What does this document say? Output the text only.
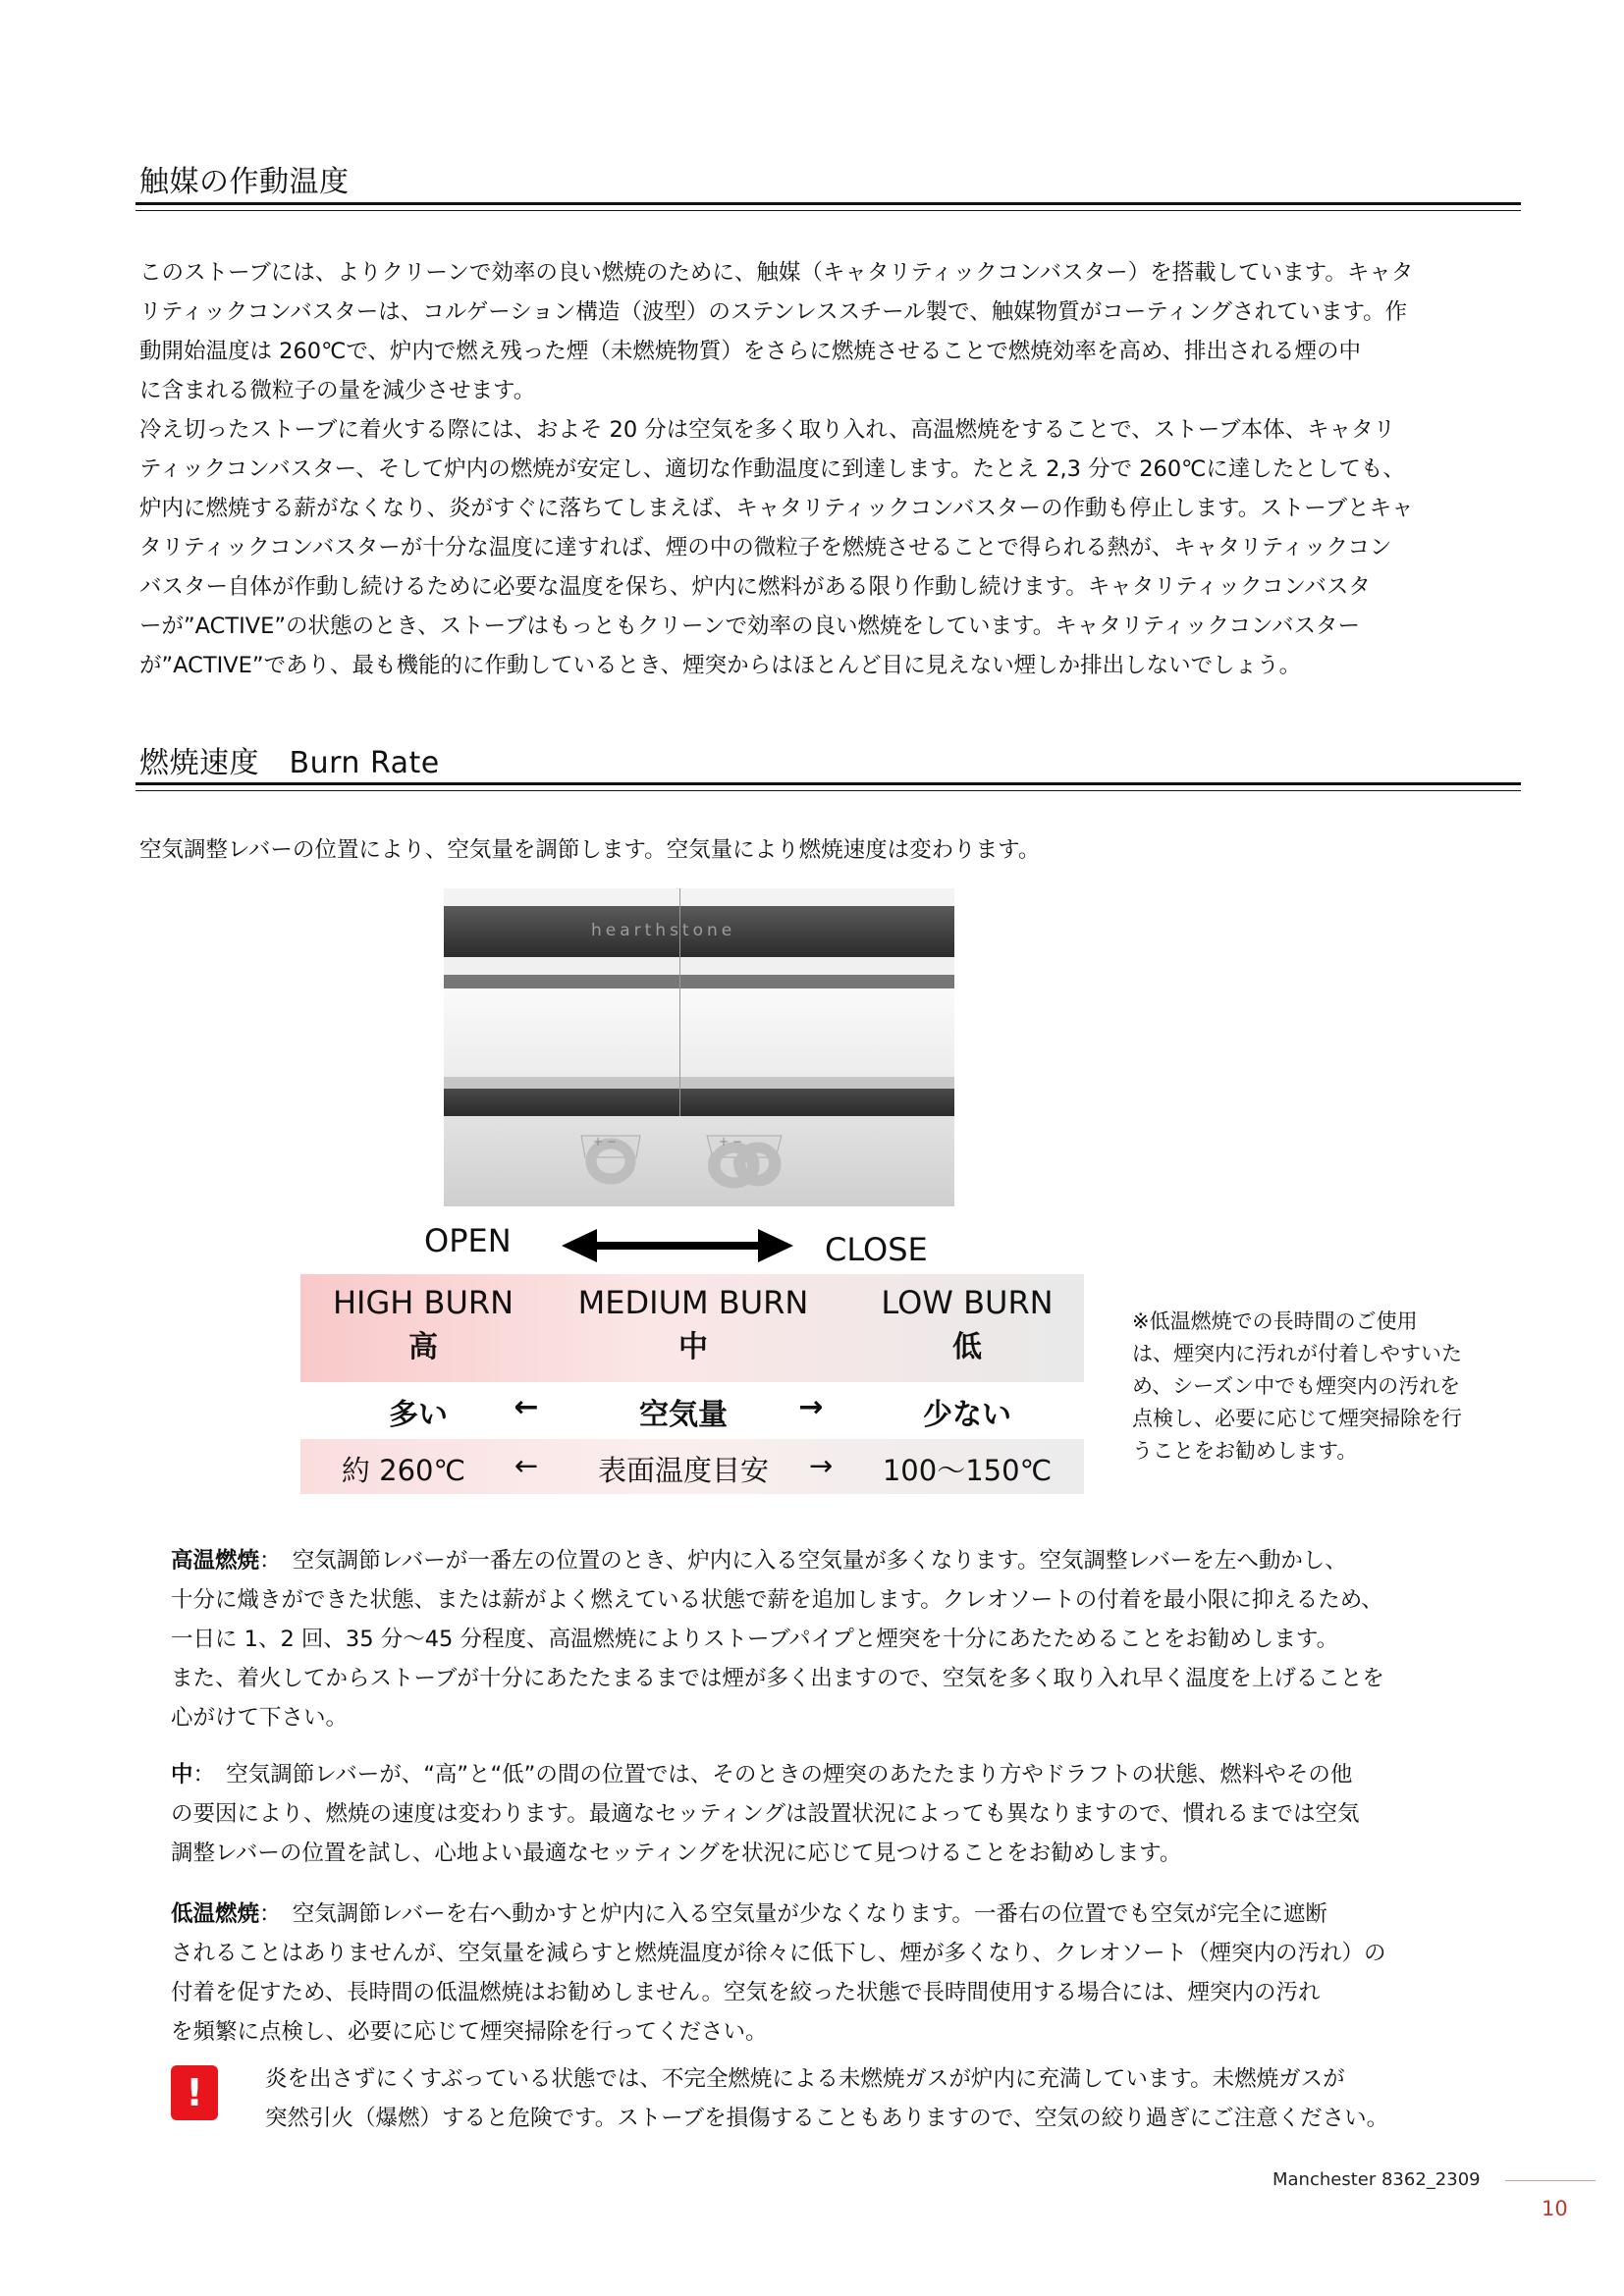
触媒の作動温度

このストーブには、よりクリーンで効率の良い燃焼のために、触媒（キャタリティックコンバスター）を搭載しています。キャタ

リティックコンバスターは、コルゲーション構造（波型）のステンレススチール製で、触媒物質がコーティングされています。作

動開始温度は 260℃で、炉内で燃え残った煙（未燃焼物質）をさらに燃焼させることで燃焼効率を高め、排出される煙の中

に含まれる微粒子の量を減少させます。

冷え切ったストーブに着火する際には、およそ 20 分は空気を多く取り入れ、高温燃焼をすることで、ストーブ本体、キャタリ

ティックコンバスター、そして炉内の燃焼が安定し、適切な作動温度に到達します。たとえ 2,3 分で 260℃に達したとしても、

炉内に燃焼する薪がなくなり、炎がすぐに落ちてしまえば、キャタリティックコンバスターの作動も停止します。ストーブとキャ

タリティックコンバスターが十分な温度に達すれば、煙の中の微粒子を燃焼させることで得られる熱が、キャタリティックコン

バスター自体が作動し続けるために必要な温度を保ち、炉内に燃料がある限り作動し続けます。キャタリティックコンバスタ

ーが”ACTIVE”の状態のとき、ストーブはもっともクリーンで効率の良い燃焼をしています。キャタリティックコンバスター

が”ACTIVE”であり、最も機能的に作動しているとき、煙突からはほとんど目に見えない煙しか排出しないでしょう。

燃焼速度　Burn Rate
空気調整レバーの位置により、空気量を調節します。空気量により燃焼速度は変わります。
hearthstone
+ −	+ −
OPEN	CLOSE
HIGH BURN
高
MEDIUM BURN
中
LOW BURN
低
多い	←	空気量	→	少ない
約 260℃	←	表面温度目安	→	100～150℃
※低温燃焼での長時間のご使用
は、煙突内に汚れが付着しやすいた
め、シーズン中でも煙突内の汚れを
点検し、必要に応じて煙突掃除を行
うことをお勧めします。

高温燃焼：　空気調節レバーが一番左の位置のとき、炉内に入る空気量が多くなります。空気調整レバーを左へ動かし、

十分に熾きができた状態、または薪がよく燃えている状態で薪を追加します。クレオソートの付着を最小限に抑えるため、

一日に 1、2 回、35 分～45 分程度、高温燃焼によりストーブパイプと煙突を十分にあたためることをお勧めします。

また、着火してからストーブが十分にあたたまるまでは煙が多く出ますので、空気を多く取り入れ早く温度を上げることを

心がけて下さい。

中：　空気調節レバーが、“高”と“低”の間の位置では、そのときの煙突のあたたまり方やドラフトの状態、燃料やその他

の要因により、燃焼の速度は変わります。最適なセッティングは設置状況によっても異なりますので、慣れるまでは空気

調整レバーの位置を試し、心地よい最適なセッティングを状況に応じて見つけることをお勧めします。

低温燃焼：　空気調節レバーを右へ動かすと炉内に入る空気量が少なくなります。一番右の位置でも空気が完全に遮断

されることはありませんが、空気量を減らすと燃焼温度が徐々に低下し、煙が多くなり、クレオソート（煙突内の汚れ）の

付着を促すため、長時間の低温燃焼はお勧めしません。空気を絞った状態で長時間使用する場合には、煙突内の汚れ

を頻繁に点検し、必要に応じて煙突掃除を行ってください。

!	炎を出さずにくすぶっている状態では、不完全燃焼による未燃焼ガスが炉内に充満しています。未燃焼ガスが

突然引火（爆燃）すると危険です。ストーブを損傷することもありますので、空気の絞り過ぎにご注意ください。

Manchester 8362_2309
10
